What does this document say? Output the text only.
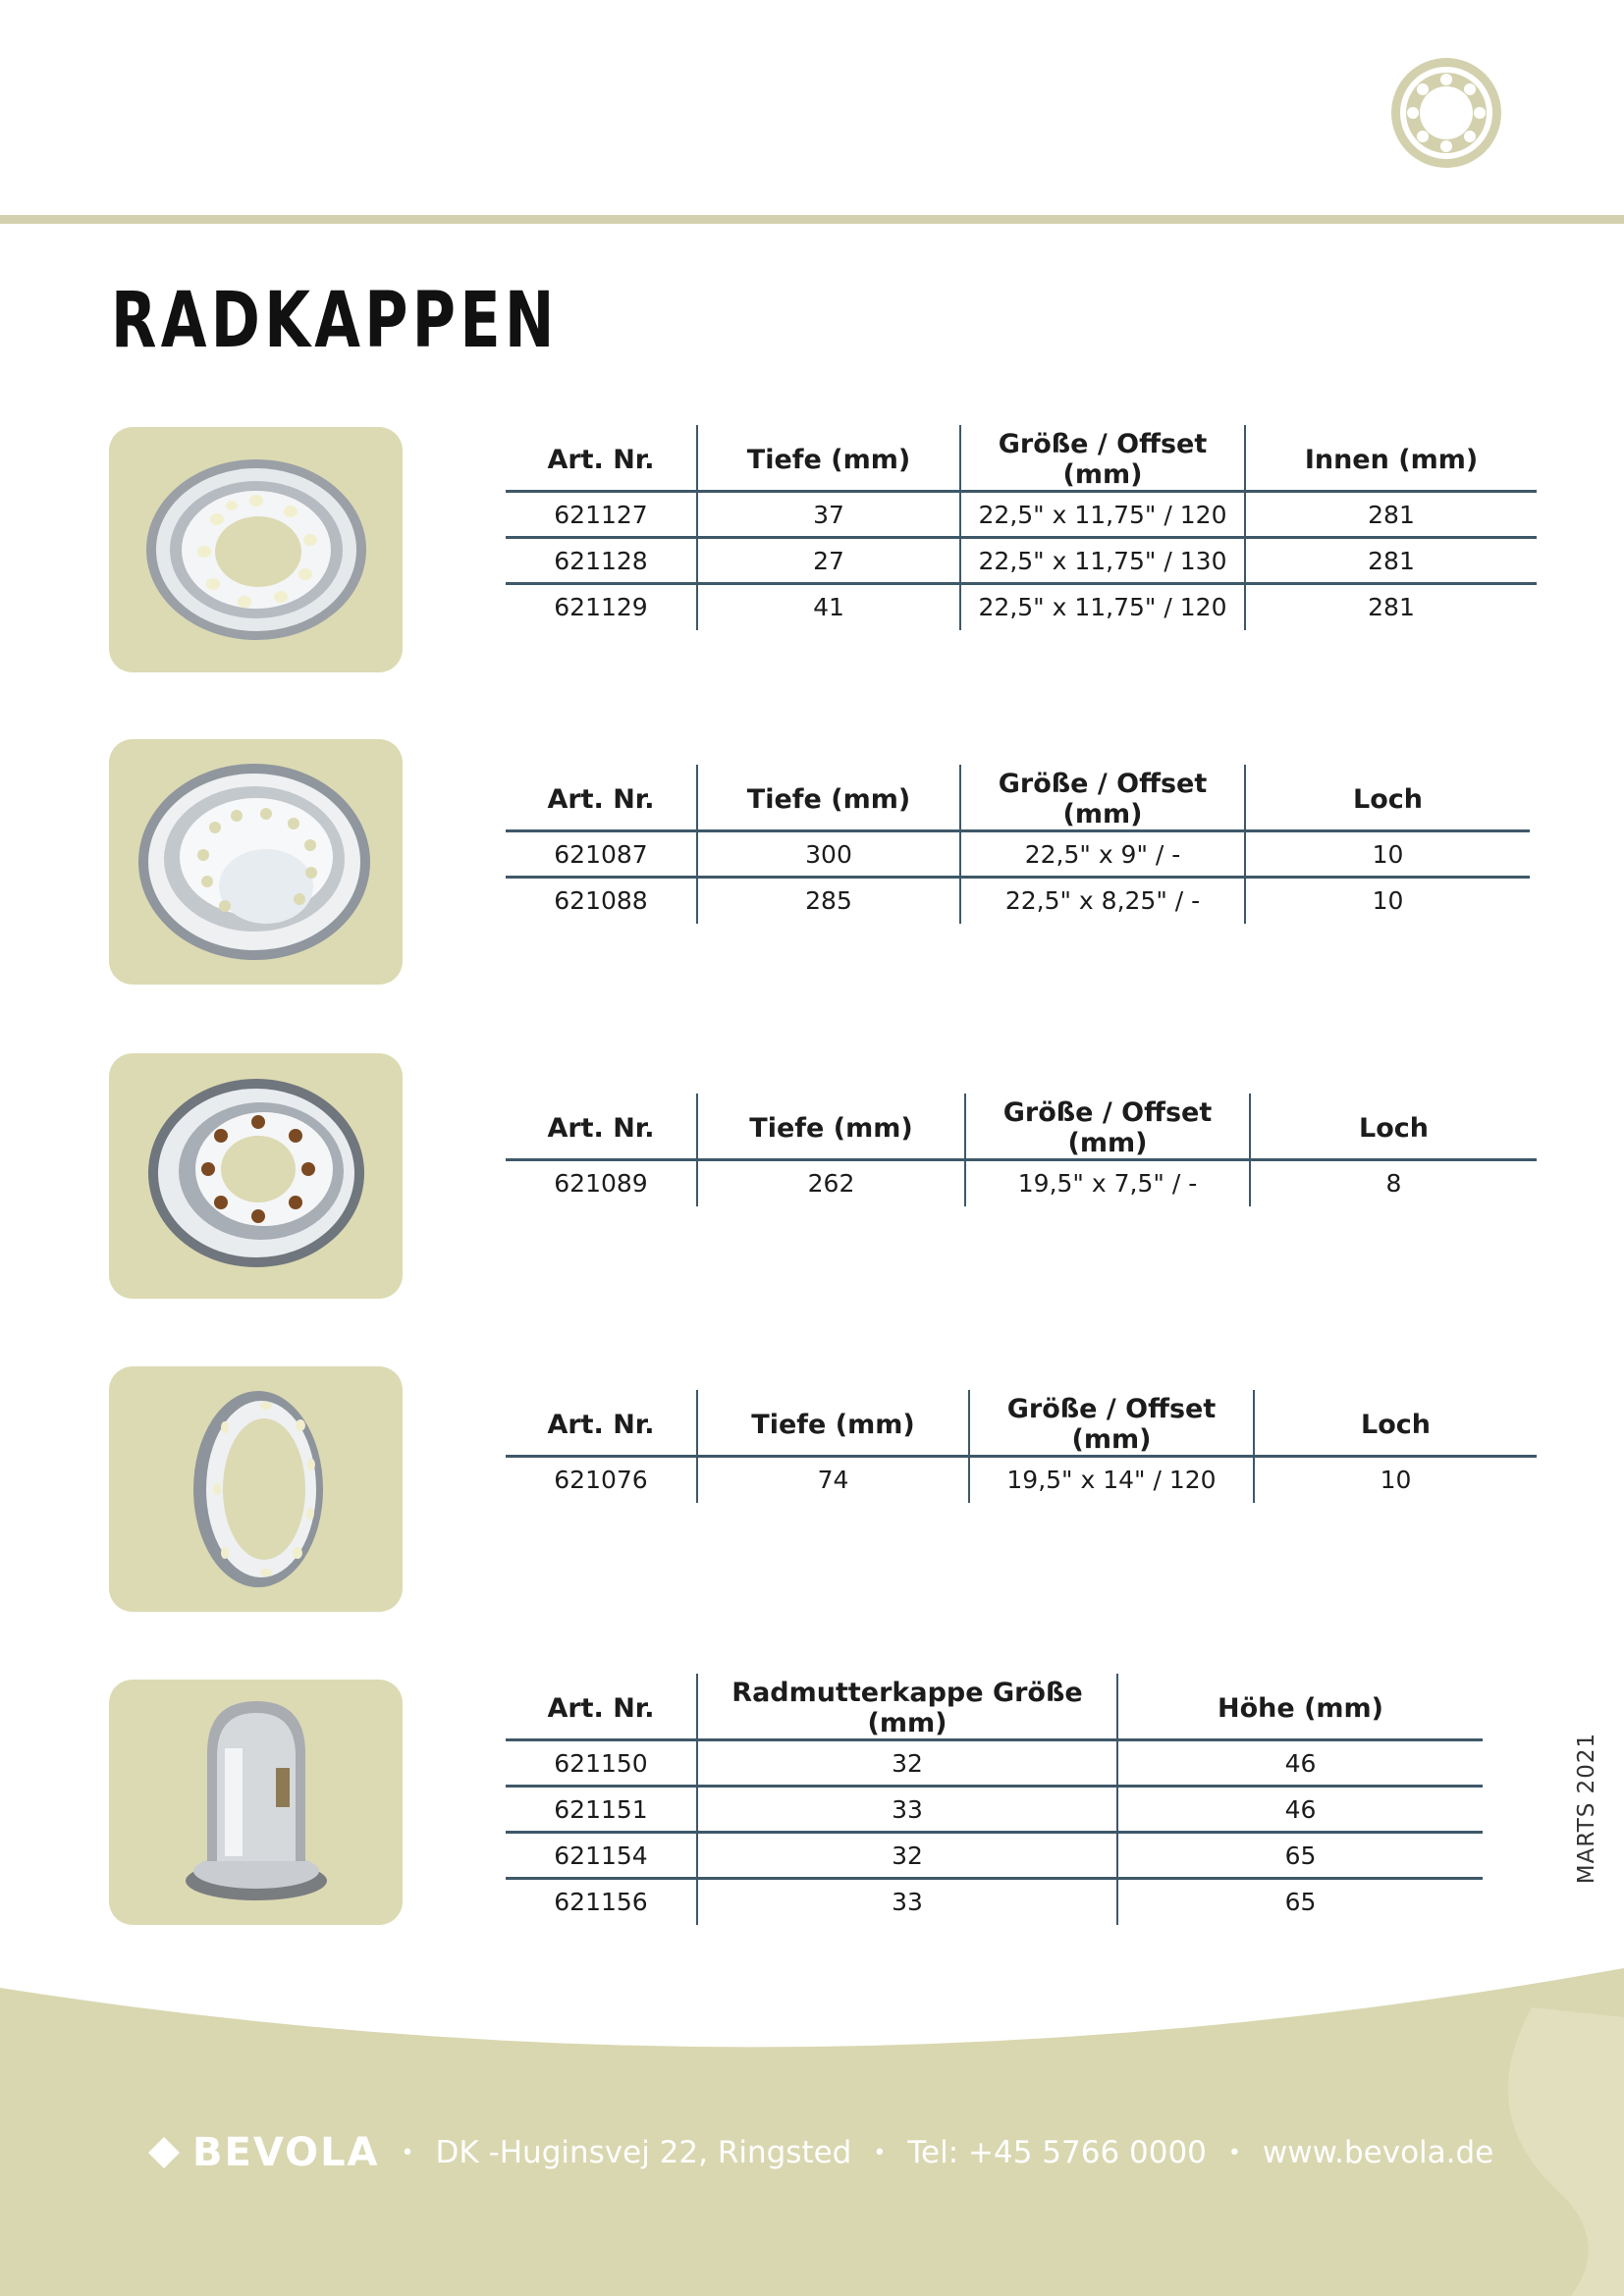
RADKAPPEN
Art. Nr.	Tiefe (mm)	Größe / Offset (mm)	Innen (mm)
621127	37	22,5" x 11,75" / 120	281
621128	27	22,5" x 11,75" / 130	281
621129	41	22,5" x 11,75" / 120	281
Art. Nr.	Tiefe (mm)	Größe / Offset (mm)	Loch
621087	300	22,5" x 9" / -	10
621088	285	22,5" x 8,25" / -	10
Art. Nr.	Tiefe (mm)	Größe / Offset (mm)	Loch
621089	262	19,5" x 7,5" / -	8
Art. Nr.	Tiefe (mm)	Größe / Offset (mm)	Loch
621076	74	19,5" x 14" / 120	10
Art. Nr.	Radmutterkappe Größe (mm)	Höhe (mm)
621150	32	46
621151	33	46
621154	32	65
621156	33	65
MARTS 2021
BEVOLA • DK -Huginsvej 22, Ringsted • Tel: +45 5766 0000 • www.bevola.de
